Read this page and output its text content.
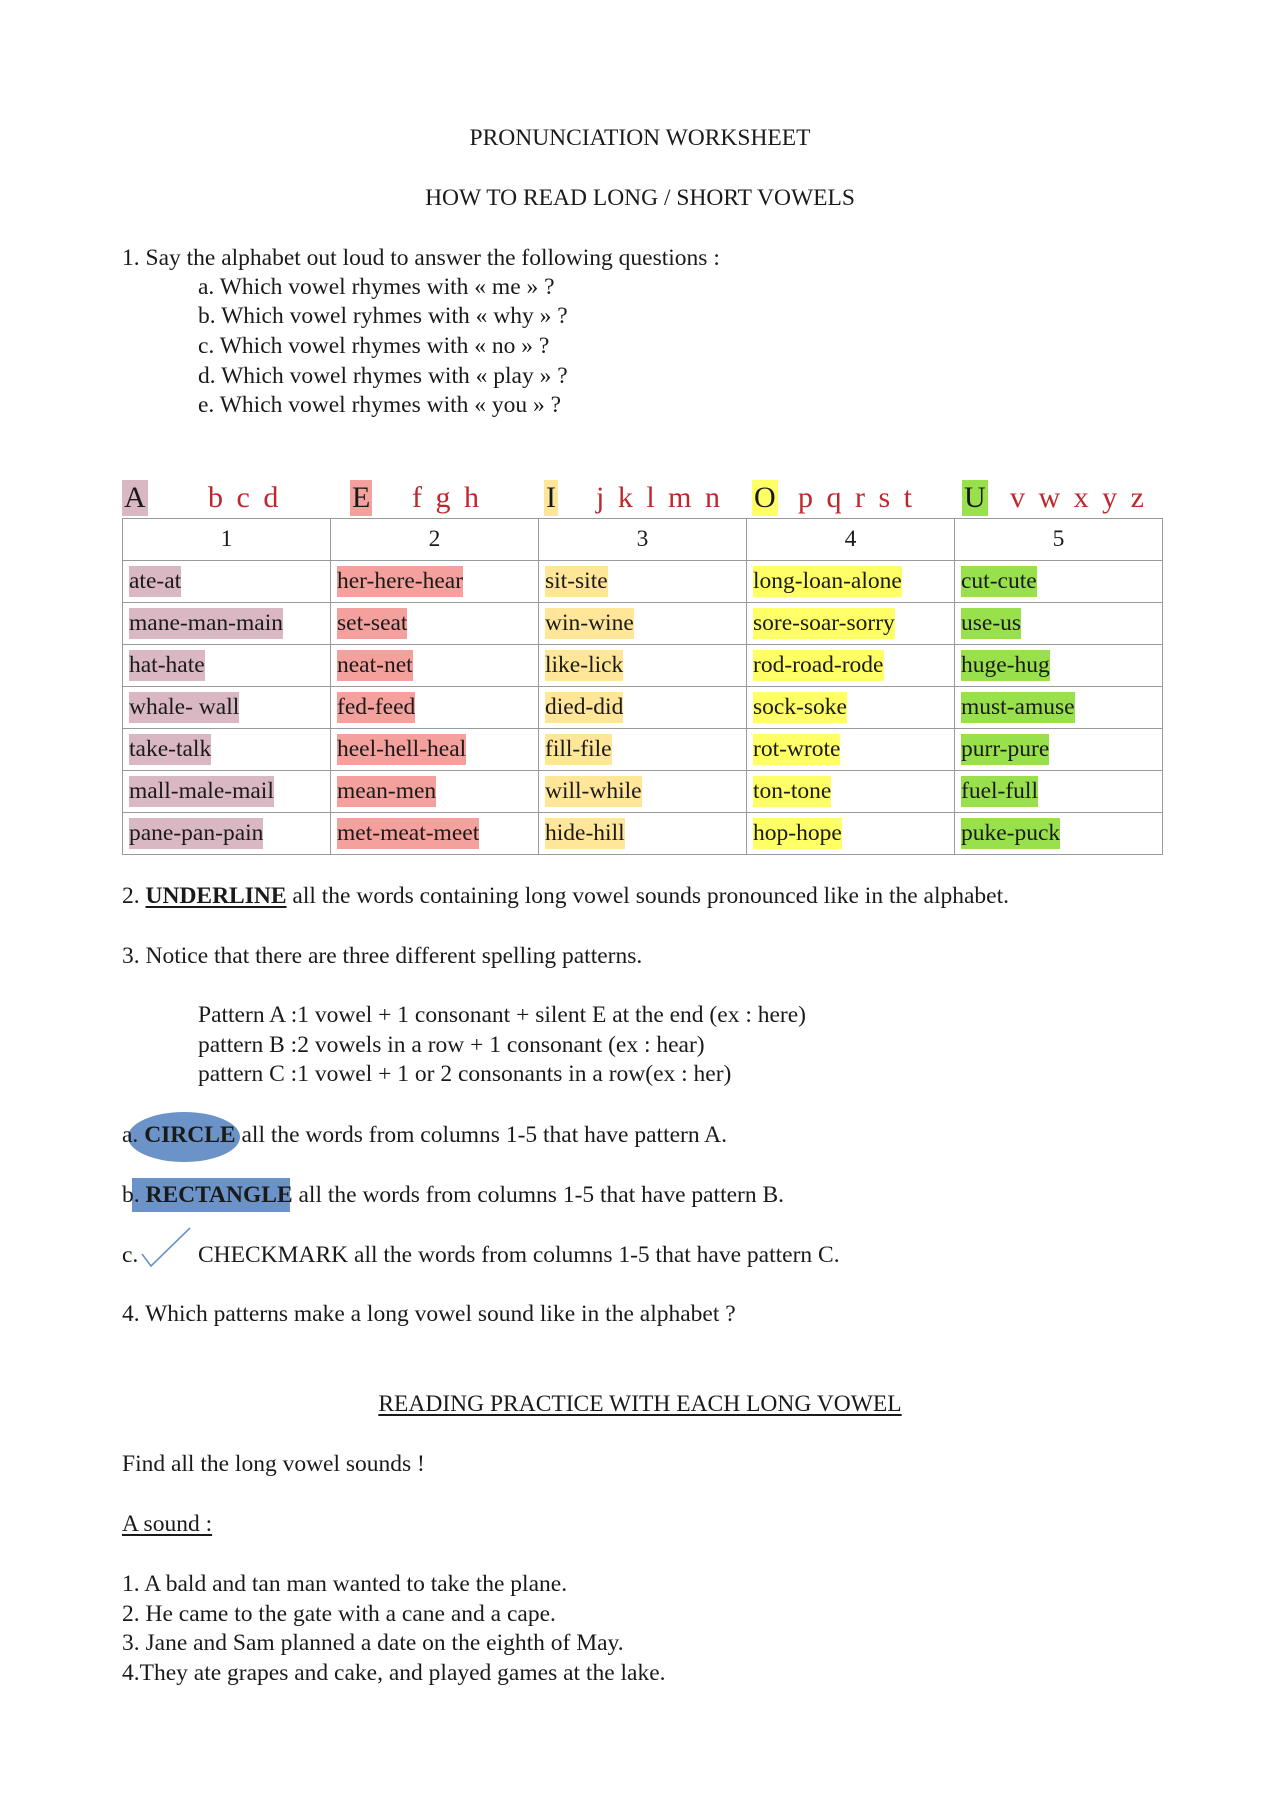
PRONUNCIATION WORKSHEET
HOW TO READ LONG / SHORT VOWELS
1. Say the alphabet out loud to answer the following questions :
a. Which vowel rhymes with « me » ?
b. Which vowel ryhmes with « why » ?
c. Which vowel rhymes with « no » ?
d. Which vowel rhymes with « play » ?
e. Which vowel rhymes with « you » ?
A b c d E f g h I j k l m n O p q r s t U v w x y z
1	2	3	4	5
ate-at	her-here-hear	sit-site	long-loan-alone	cut-cute
mane-man-main	set-seat	win-wine	sore-soar-sorry	use-us
hat-hate	neat-net	like-lick	rod-road-rode	huge-hug
whale- wall	fed-feed	died-did	sock-soke	must-amuse
take-talk	heel-hell-heal	fill-file	rot-wrote	purr-pure
mall-male-mail	mean-men	will-while	ton-tone	fuel-full
pane-pan-pain	met-meat-meet	hide-hill	hop-hope	puke-puck
2. UNDERLINE all the words containing long vowel sounds pronounced like in the alphabet.
3. Notice that there are three different spelling patterns.
Pattern A :1 vowel + 1 consonant + silent E at the end (ex : here)
pattern B :2 vowels in a row + 1 consonant (ex : hear)
pattern C :1 vowel + 1 or 2 consonants in a row(ex : her)
a. CIRCLE all the words from columns 1-5 that have pattern A.
b. RECTANGLE all the words from columns 1-5 that have pattern B.
c.	CHECKMARK all the words from columns 1-5 that have pattern C.
4. Which patterns make a long vowel sound like in the alphabet ?
READING PRACTICE WITH EACH LONG VOWEL
Find all the long vowel sounds !
A sound :
1. A bald and tan man wanted to take the plane.
2. He came to the gate with a cane and a cape.
3. Jane and Sam planned a date on the eighth of May.
4.They ate grapes and cake, and played games at the lake.
